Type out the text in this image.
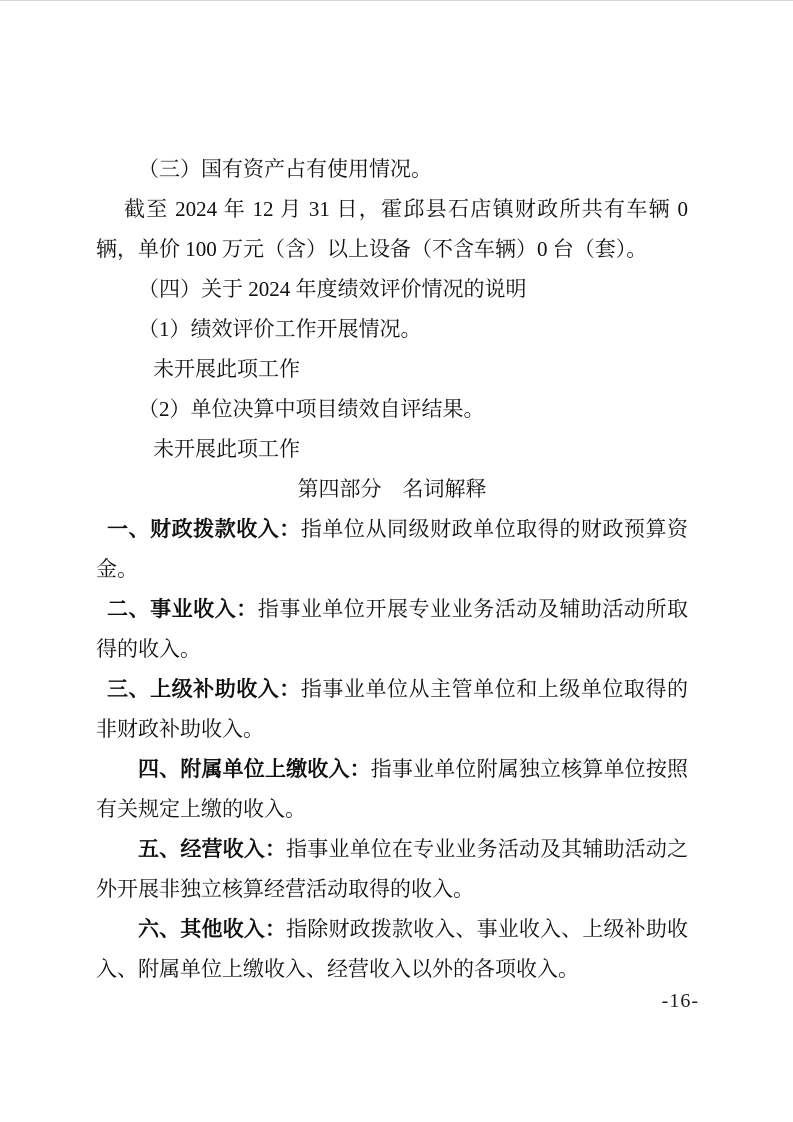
（三）国有资产占有使用情况。

截至 2024 年 12 月 31 日，霍邱县石店镇财政所共有车辆 0 辆，单价 100 万元（含）以上设备（不含车辆）0 台（套）。

（四）关于 2024 年度绩效评价情况的说明
（1）绩效评价工作开展情况。

未开展此项工作

（2）单位决算中项目绩效自评结果。

未开展此项工作

第四部分　名词解释

一、财政拨款收入：指单位从同级财政单位取得的财政预算资金。

二、事业收入：指事业单位开展专业业务活动及辅助活动所取得的收入。

三、上级补助收入：指事业单位从主管单位和上级单位取得的非财政补助收入。

四、附属单位上缴收入：指事业单位附属独立核算单位按照有关规定上缴的收入。

五、经营收入：指事业单位在专业业务活动及其辅助活动之外开展非独立核算经营活动取得的收入。

六、其他收入：指除财政拨款收入、事业收入、上级补助收入、附属单位上缴收入、经营收入以外的各项收入。

-16-
